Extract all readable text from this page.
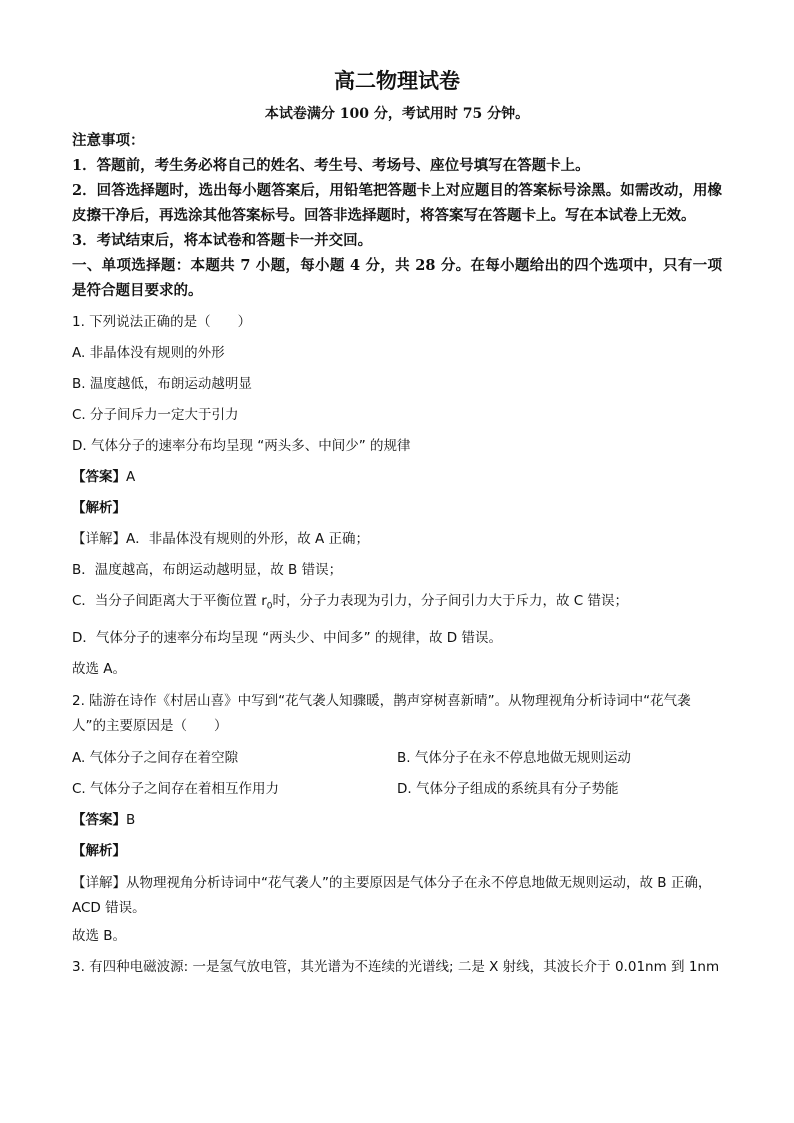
高二物理试卷

本试卷满分 100 分，考试用时 75 分钟。

注意事项：

1．答题前，考生务必将自己的姓名、考生号、考场号、座位号填写在答题卡上。

2．回答选择题时，选出每小题答案后，用铅笔把答题卡上对应题目的答案标号涂黑。如需改动，用橡皮擦干净后，再选涂其他答案标号。回答非选择题时，将答案写在答题卡上。写在本试卷上无效。

3．考试结束后，将本试卷和答题卡一并交回。

一、单项选择题：本题共 7 小题，每小题 4 分，共 28 分。在每小题给出的四个选项中，只有一项是符合题目要求的。

1. 下列说法正确的是（　　）

A. 非晶体没有规则的外形

B. 温度越低，布朗运动越明显

C. 分子间斥力一定大于引力

D. 气体分子的速率分布均呈现 “两头多、中间少” 的规律

【答案】A

【解析】

【详解】A．非晶体没有规则的外形，故 A 正确；

B．温度越高，布朗运动越明显，故 B 错误；

C．当分子间距离大于平衡位置 $r_0$时，分子力表现为引力，分子间引力大于斥力，故 C 错误；

D．气体分子的速率分布均呈现 “两头少、中间多” 的规律，故 D 错误。

故选 A。

2. 陆游在诗作《村居山喜》中写到“花气袭人知骤暖，鹊声穿树喜新晴”。从物理视角分析诗词中“花气袭人”的主要原因是（　　）

A. 气体分子之间存在着空隙	B. 气体分子在永不停息地做无规则运动
C. 气体分子之间存在着相互作用力	D. 气体分子组成的系统具有分子势能

【答案】B

【解析】

【详解】从物理视角分析诗词中“花气袭人”的主要原因是气体分子在永不停息地做无规则运动，故 B 正确，ACD 错误。

故选 B。

3. 有四种电磁波源: 一是氢气放电管，其光谱为不连续的光谱线; 二是 X 射线，其波长介于 0.01nm 到 1nm
